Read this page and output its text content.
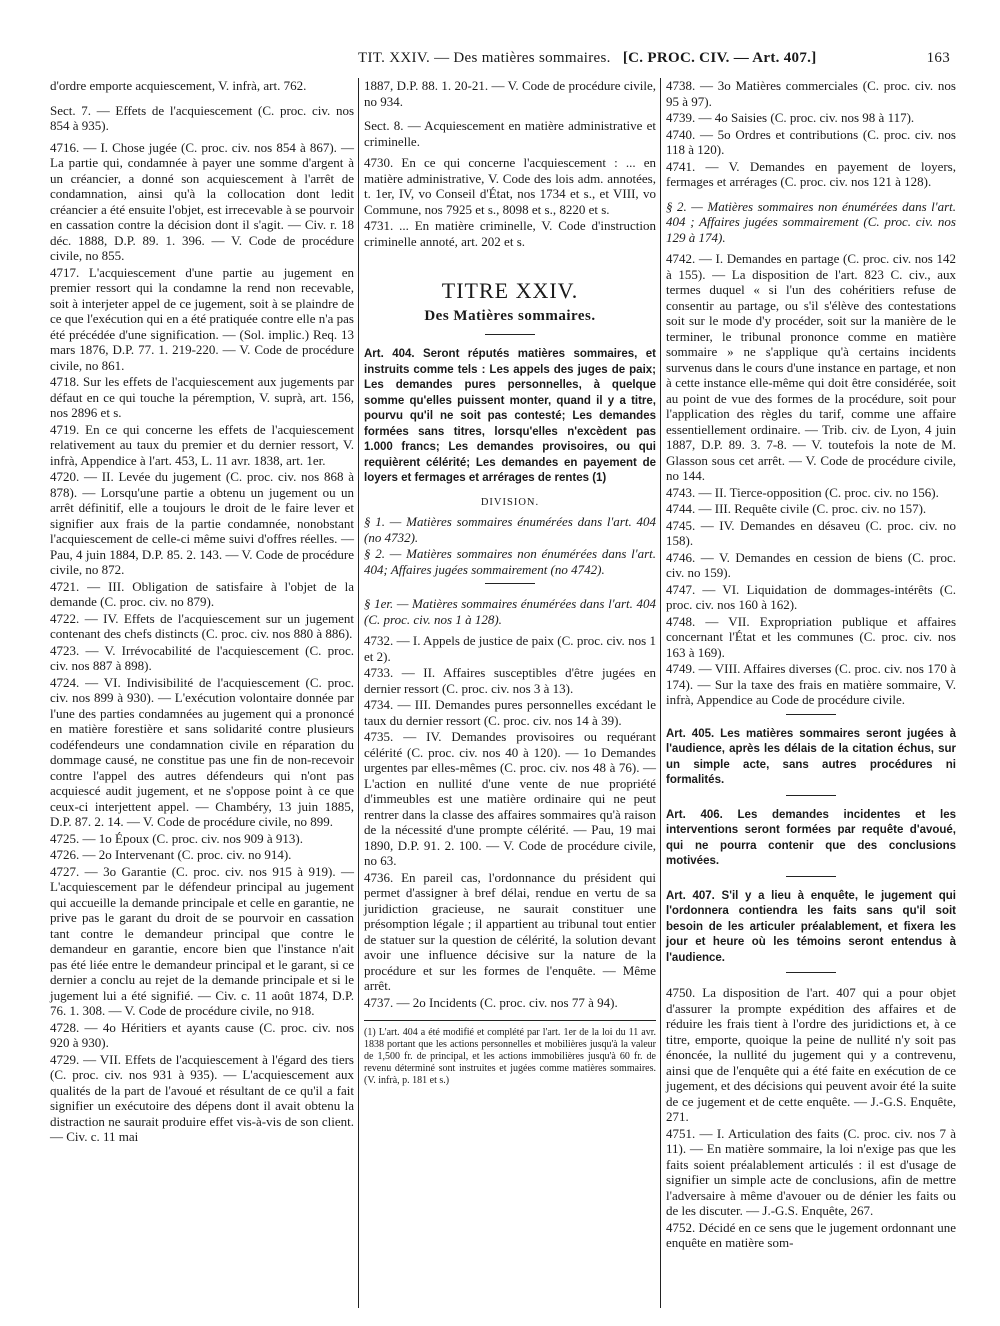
TIT. XXIV. — Des matières sommaires. [C. PROC. CIV. — Art. 407.]	163

d'ordre emporte acquiescement, V. infrà, art. 762.

Sect. 7. — Effets de l'acquiescement (C. proc. civ. nos 854 à 935).

4716. — I. Chose jugée (C. proc. civ. nos 854 à 867). — La partie qui, condamnée à payer une somme d'argent à un créancier, a donné son acquiescement à l'arrêt de condamnation, ainsi qu'à la collocation dont ledit créancier a été ensuite l'objet, est irrecevable à se pourvoir en cassation contre la décision dont il s'agit. — Civ. r. 18 déc. 1888, D.P. 89. 1. 396. — V. Code de procédure civile, no 855.

4717. L'acquiescement d'une partie au jugement en premier ressort qui la condamne la rend non recevable, soit à interjeter appel de ce jugement, soit à se plaindre de ce que l'exécution qui en a été pratiquée contre elle n'a pas été précédée d'une signification. — (Sol. implic.) Req. 13 mars 1876, D.P. 77. 1. 219-220. — V. Code de procédure civile, no 861.

4718. Sur les effets de l'acquiescement aux jugements par défaut en ce qui touche la péremption, V. suprà, art. 156, nos 2896 et s.

4719. En ce qui concerne les effets de l'acquiescement relativement au taux du premier et du dernier ressort, V. infrà, Appendice à l'art. 453, L. 11 avr. 1838, art. 1er.

4720. — II. Levée du jugement (C. proc. civ. nos 868 à 878). — Lorsqu'une partie a obtenu un jugement ou un arrêt définitif, elle a toujours le droit de le faire lever et signifier aux frais de la partie condamnée, nonobstant l'acquiescement de celle-ci même suivi d'offres réelles. — Pau, 4 juin 1884, D.P. 85. 2. 143. — V. Code de procédure civile, no 872.

4721. — III. Obligation de satisfaire à l'objet de la demande (C. proc. civ. no 879).

4722. — IV. Effets de l'acquiescement sur un jugement contenant des chefs distincts (C. proc. civ. nos 880 à 886).

4723. — V. Irrévocabilité de l'acquiescement (C. proc. civ. nos 887 à 898).

4724. — VI. Indivisibilité de l'acquiescement (C. proc. civ. nos 899 à 930). — L'exécution volontaire donnée par l'une des parties condamnées au jugement qui a prononcé en matière forestière et sans solidarité contre plusieurs codéfendeurs une condamnation civile en réparation du dommage causé, ne constitue pas une fin de non-recevoir contre l'appel des autres défendeurs qui n'ont pas acquiescé audit jugement, et ne s'oppose point à ce que ceux-ci interjettent appel. — Chambéry, 13 juin 1885, D.P. 87. 2. 14. — V. Code de procédure civile, no 899.

4725. — 1o Époux (C. proc. civ. nos 909 à 913).

4726. — 2o Intervenant (C. proc. civ. no 914).

4727. — 3o Garantie (C. proc. civ. nos 915 à 919). — L'acquiescement par le défendeur principal au jugement qui accueille la demande principale et celle en garantie, ne prive pas le garant du droit de se pourvoir en cassation tant contre le demandeur principal que contre le demandeur en garantie, encore bien que l'instance n'ait pas été liée entre le demandeur principal et le garant, si ce dernier a conclu au rejet de la demande principale et si le jugement lui a été signifié. — Civ. c. 11 août 1874, D.P. 76. 1. 308. — V. Code de procédure civile, no 918.

4728. — 4o Héritiers et ayants cause (C. proc. civ. nos 920 à 930).

4729. — VII. Effets de l'acquiescement à l'égard des tiers (C. proc. civ. nos 931 à 935). — L'acquiescement aux qualités de la part de l'avoué et résultant de ce qu'il a fait signifier un exécutoire des dépens dont il avait obtenu la distraction ne saurait produire effet vis-à-vis de son client. — Civ. c. 11 mai

1887, D.P. 88. 1. 20-21. — V. Code de procédure civile, no 934.

Sect. 8. — Acquiescement en matière administrative et criminelle.

4730. En ce qui concerne l'acquiescement : ... en matière administrative, V. Code des lois adm. annotées, t. 1er, IV, vo Conseil d'État, nos 1734 et s., et VIII, vo Commune, nos 7925 et s., 8098 et s., 8220 et s.

4731. ... En matière criminelle, V. Code d'instruction criminelle annoté, art. 202 et s.

TITRE XXIV.
Des Matières sommaires.

Art. 404. Seront réputés matières sommaires, et instruits comme tels : Les appels des juges de paix; Les demandes pures personnelles, à quelque somme qu'elles puissent monter, quand il y a titre, pourvu qu'il ne soit pas contesté; Les demandes formées sans titres, lorsqu'elles n'excèdent pas 1.000 francs; Les demandes provisoires, ou qui requièrent célérité; Les demandes en payement de loyers et fermages et arrérages de rentes (1)

DIVISION.

§ 1. — Matières sommaires énumérées dans l'art. 404 (no 4732).

§ 2. — Matières sommaires non énumérées dans l'art. 404; Affaires jugées sommairement (no 4742).

§ 1er. — Matières sommaires énumérées dans l'art. 404 (C. proc. civ. nos 1 à 128).

4732. — I. Appels de justice de paix (C. proc. civ. nos 1 et 2).

4733. — II. Affaires susceptibles d'être jugées en dernier ressort (C. proc. civ. nos 3 à 13).

4734. — III. Demandes pures personnelles excédant le taux du dernier ressort (C. proc. civ. nos 14 à 39).

4735. — IV. Demandes provisoires ou requérant célérité (C. proc. civ. nos 40 à 120). — 1o Demandes urgentes par elles-mêmes (C. proc. civ. nos 48 à 76). — L'action en nullité d'une vente de nue propriété d'immeubles est une matière ordinaire qui ne peut rentrer dans la classe des affaires sommaires qu'à raison de la nécessité d'une prompte célérité. — Pau, 19 mai 1890, D.P. 91. 2. 100. — V. Code de procédure civile, no 63.

4736. En pareil cas, l'ordonnance du président qui permet d'assigner à bref délai, rendue en vertu de sa juridiction gracieuse, ne saurait constituer une présomption légale ; il appartient au tribunal tout entier de statuer sur la question de célérité, la solution devant avoir une influence décisive sur la nature de la procédure et sur les formes de l'enquête. — Même arrêt.

4737. — 2o Incidents (C. proc. civ. nos 77 à 94).

(1) L'art. 404 a été modifié et complété par l'art. 1er de la loi du 11 avr. 1838 portant que les actions personnelles et mobilières jusqu'à la valeur de 1,500 fr. de principal, et les actions immobilières jusqu'à 60 fr. de revenu déterminé sont instruites et jugées comme matières sommaires. (V. infrà, p. 181 et s.)

4738. — 3o Matières commerciales (C. proc. civ. nos 95 à 97).

4739. — 4o Saisies (C. proc. civ. nos 98 à 117).

4740. — 5o Ordres et contributions (C. proc. civ. nos 118 à 120).

4741. — V. Demandes en payement de loyers, fermages et arrérages (C. proc. civ. nos 121 à 128).

§ 2. — Matières sommaires non énumérées dans l'art. 404 ; Affaires jugées sommairement (C. proc. civ. nos 129 à 174).

4742. — I. Demandes en partage (C. proc. civ. nos 142 à 155). — La disposition de l'art. 823 C. civ., aux termes duquel « si l'un des cohéritiers refuse de consentir au partage, ou s'il s'élève des contestations soit sur le mode d'y procéder, soit sur la manière de le terminer, le tribunal prononce comme en matière sommaire » ne s'applique qu'à certains incidents survenus dans le cours d'une instance en partage, et non à cette instance elle-même qui doit être considérée, soit au point de vue des formes de la procédure, soit pour l'application des règles du tarif, comme une affaire essentiellement ordinaire. — Trib. civ. de Lyon, 4 juin 1887, D.P. 89. 3. 7-8. — V. toutefois la note de M. Glasson sous cet arrêt. — V. Code de procédure civile, no 144.

4743. — II. Tierce-opposition (C. proc. civ. no 156).

4744. — III. Requête civile (C. proc. civ. no 157).

4745. — IV. Demandes en désaveu (C. proc. civ. no 158).

4746. — V. Demandes en cession de biens (C. proc. civ. no 159).

4747. — VI. Liquidation de dommages-intérêts (C. proc. civ. nos 160 à 162).

4748. — VII. Expropriation publique et affaires concernant l'État et les communes (C. proc. civ. nos 163 à 169).

4749. — VIII. Affaires diverses (C. proc. civ. nos 170 à 174). — Sur la taxe des frais en matière sommaire, V. infrà, Appendice au Code de procédure civile.

Art. 405. Les matières sommaires seront jugées à l'audience, après les délais de la citation échus, sur un simple acte, sans autres procédures ni formalités.

Art. 406. Les demandes incidentes et les interventions seront formées par requête d'avoué, qui ne pourra contenir que des conclusions motivées.

Art. 407. S'il y a lieu à enquête, le jugement qui l'ordonnera contiendra les faits sans qu'il soit besoin de les articuler préalablement, et fixera les jour et heure où les témoins seront entendus à l'audience.

4750. La disposition de l'art. 407 qui a pour objet d'assurer la prompte expédition des affaires et de réduire les frais tient à l'ordre des juridictions et, à ce titre, emporte, quoique la peine de nullité n'y soit pas énoncée, la nullité du jugement qui y a contrevenu, ainsi que de l'enquête qui a été faite en exécution de ce jugement, et des décisions qui peuvent avoir été la suite de ce jugement et de cette enquête. — J.-G.S. Enquête, 271.

4751. — I. Articulation des faits (C. proc. civ. nos 7 à 11). — En matière sommaire, la loi n'exige pas que les faits soient préalablement articulés : il est d'usage de signifier un simple acte de conclusions, afin de mettre l'adversaire à même d'avouer ou de dénier les faits ou de les discuter. — J.-G.S. Enquête, 267.

4752. Décidé en ce sens que le jugement ordonnant une enquête en matière som-
